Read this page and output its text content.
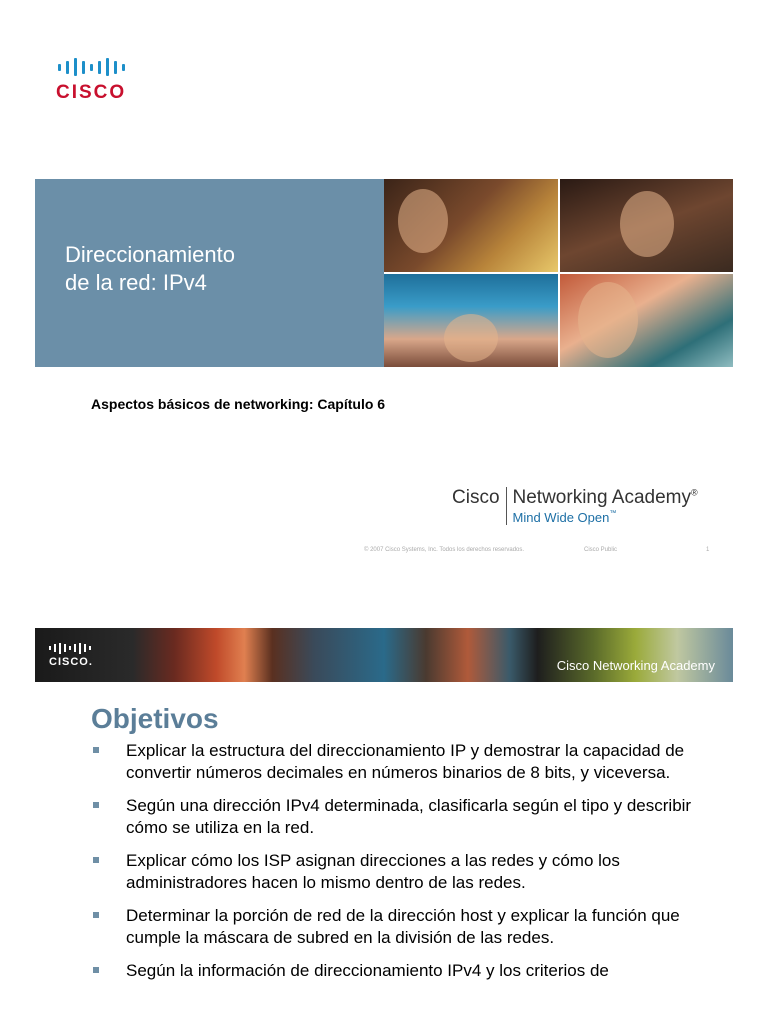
CISCO
Direccionamiento
de la red: IPv4
Aspectos básicos de networking: Capítulo 6
Cisco Networking Academy®
Mind Wide Open™
© 2007 Cisco Systems, Inc. Todos los derechos reservados.	Cisco Public	1
CISCO.	Cisco Networking Academy
Objetivos
Explicar la estructura del direccionamiento IP y demostrar la capacidad de convertir números decimales en números binarios de 8 bits, y viceversa.
Según una dirección IPv4 determinada, clasificarla según el tipo y describir cómo se utiliza en la red.
Explicar cómo los ISP asignan direcciones a las redes y cómo los administradores hacen lo mismo dentro de las redes.
Determinar la porción de red de la dirección host y explicar la función que cumple la máscara de subred en la división de las redes.
Según la información de direccionamiento IPv4 y los criterios de
